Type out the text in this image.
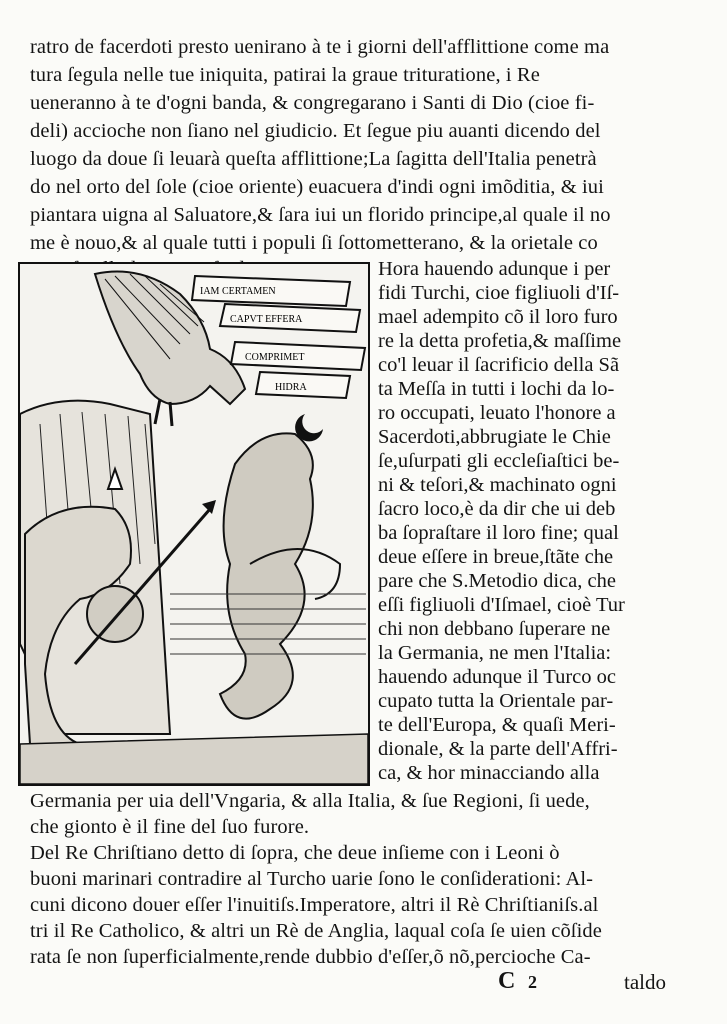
ratro de facerdoti presto uenirano à te i giorni dell'afflittione come ma
tura ſegula nelle tue iniquita, patirai la graue trituratione, i Re
ueneranno à te d'ogni banda, & congregarano i Santi di Dio (cioe fi-
deli) accioche non ſiano nel giudicio. Et ſegue piu auanti dicendo del
luogo da doue ſi leuarà queſta afflittione;La ſagitta dell'Italia penetrà
do nel orto del ſole (cioe oriente) euacuera d'indi ogni imõditia, & iui
piantara uigna al Saluatore,& ſara iui un florido principe,al quale il no
me è nouo,& al quale tutti i populi ſi ſottometterano, & la orietale co
IAM CERTAMEN
CAPVT EFFERA
COMPRIMET
HIDRA
Hora hauendo adunque i per
fidi Turchi, cioe figliuoli d'Iſ-
mael adempito cõ il loro furo
re la detta profetia,& maſſime
co'l leuar il ſacrificio della Sã
ta Meſſa in tutti i lochi da lo-
ro occupati, leuato l'honore a
Sacerdoti,abbrugiate le Chie
ſe,uſurpati gli eccleſiaſtici be-
ni & teſori,& machinato ogni
ſacro loco,è da dir che ui deb
ba ſopraſtare il loro fine; qual
deue eſſere in breue,ſtãte che
pare che S.Metodio dica, che
eſſi figliuoli d'Iſmael, cioè Tur
chi non debbano ſuperare ne
la Germania, ne men l'Italia:
hauendo adunque il Turco oc
cupato tutta la Orientale par-
te dell'Europa, & quaſi Meri-
dionale, & la parte dell'Affri-
ca, & hor minacciando alla
Germania per uia dell'Vngaria, & alla Italia, & ſue Regioni, ſi uede,
che gionto è il fine del ſuo furore.
Del Re Chriſtiano detto di ſopra, che deue inſieme con i Leoni ò
buoni marinari contradire al Turcho uarie ſono le conſiderationi: Al-
cuni dicono douer eſſer l'inuitiſs.Imperatore, altri il Rè Chriſtianiſs.al
tri il Re Catholico, & altri un Rè de Anglia, laqual coſa ſe uien cõſide
rata ſe non ſuperficialmente,rende dubbio d'eſſer,õ nõ,percioche Ca-
C 2	taldo
